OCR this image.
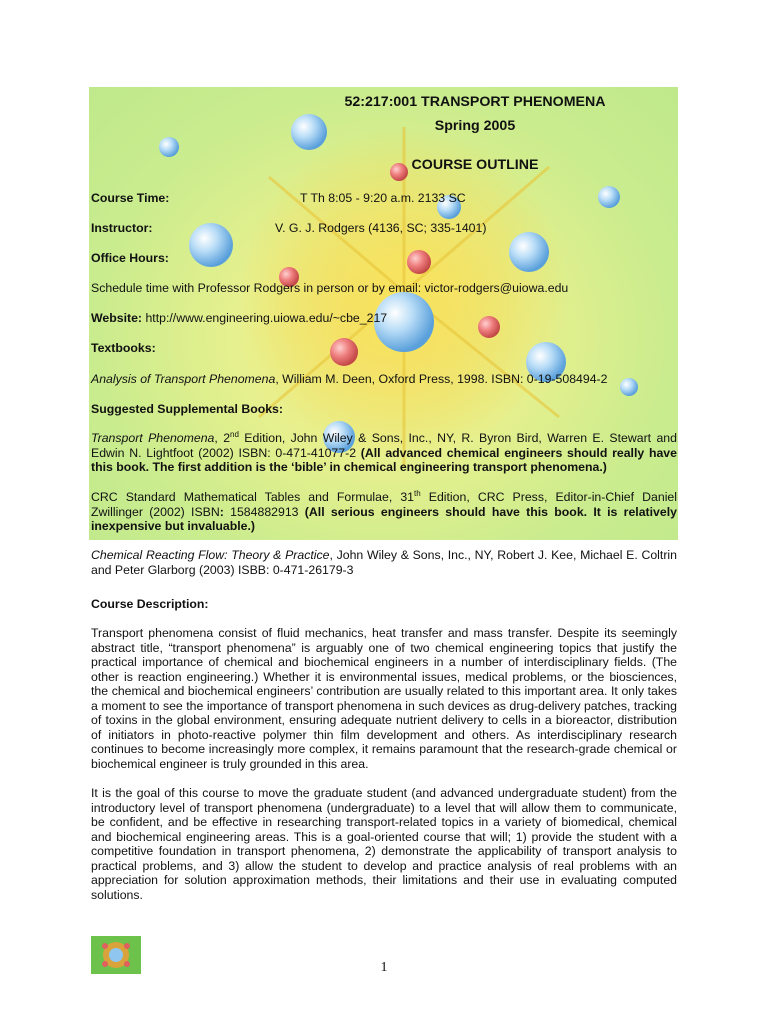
52:217:001 TRANSPORT PHENOMENA
Spring 2005
COURSE OUTLINE
Course Time:	T Th 8:05 - 9:20 a.m. 2133 SC
Instructor:	V. G. J. Rodgers (4136, SC; 335-1401)
Office Hours:
Schedule time with Professor Rodgers in person or by email: victor-rodgers@uiowa.edu
Website: http://www.engineering.uiowa.edu/~cbe_217
Textbooks:
Analysis of Transport Phenomena, William M. Deen, Oxford Press, 1998. ISBN: 0-19-508494-2
Suggested Supplemental Books:
Transport Phenomena, 2nd Edition, John Wiley & Sons, Inc., NY, R. Byron Bird, Warren E. Stewart and Edwin N. Lightfoot (2002) ISBN: 0-471-41077-2 (All advanced chemical engineers should really have this book. The first addition is the ‘bible’ in chemical engineering transport phenomena.)
CRC Standard Mathematical Tables and Formulae, 31th Edition, CRC Press, Editor-in-Chief Daniel Zwillinger (2002) ISBN: 1584882913 (All serious engineers should have this book. It is relatively inexpensive but invaluable.)
Chemical Reacting Flow: Theory & Practice, John Wiley & Sons, Inc., NY, Robert J. Kee, Michael E. Coltrin and Peter Glarborg (2003) ISBB: 0-471-26179-3
Course Description:
Transport phenomena consist of fluid mechanics, heat transfer and mass transfer. Despite its seemingly abstract title, “transport phenomena” is arguably one of two chemical engineering topics that justify the practical importance of chemical and biochemical engineers in a number of interdisciplinary fields. (The other is reaction engineering.) Whether it is environmental issues, medical problems, or the biosciences, the chemical and biochemical engineers’ contribution are usually related to this important area. It only takes a moment to see the importance of transport phenomena in such devices as drug-delivery patches, tracking of toxins in the global environment, ensuring adequate nutrient delivery to cells in a bioreactor, distribution of initiators in photo-reactive polymer thin film development and others. As interdisciplinary research continues to become increasingly more complex, it remains paramount that the research-grade chemical or biochemical engineer is truly grounded in this area.
It is the goal of this course to move the graduate student (and advanced undergraduate student) from the introductory level of transport phenomena (undergraduate) to a level that will allow them to communicate, be confident, and be effective in researching transport-related topics in a variety of biomedical, chemical and biochemical engineering areas. This is a goal-oriented course that will; 1) provide the student with a competitive foundation in transport phenomena, 2) demonstrate the applicability of transport analysis to practical problems, and 3) allow the student to develop and practice analysis of real problems with an appreciation for solution approximation methods, their limitations and their use in evaluating computed solutions.
1
